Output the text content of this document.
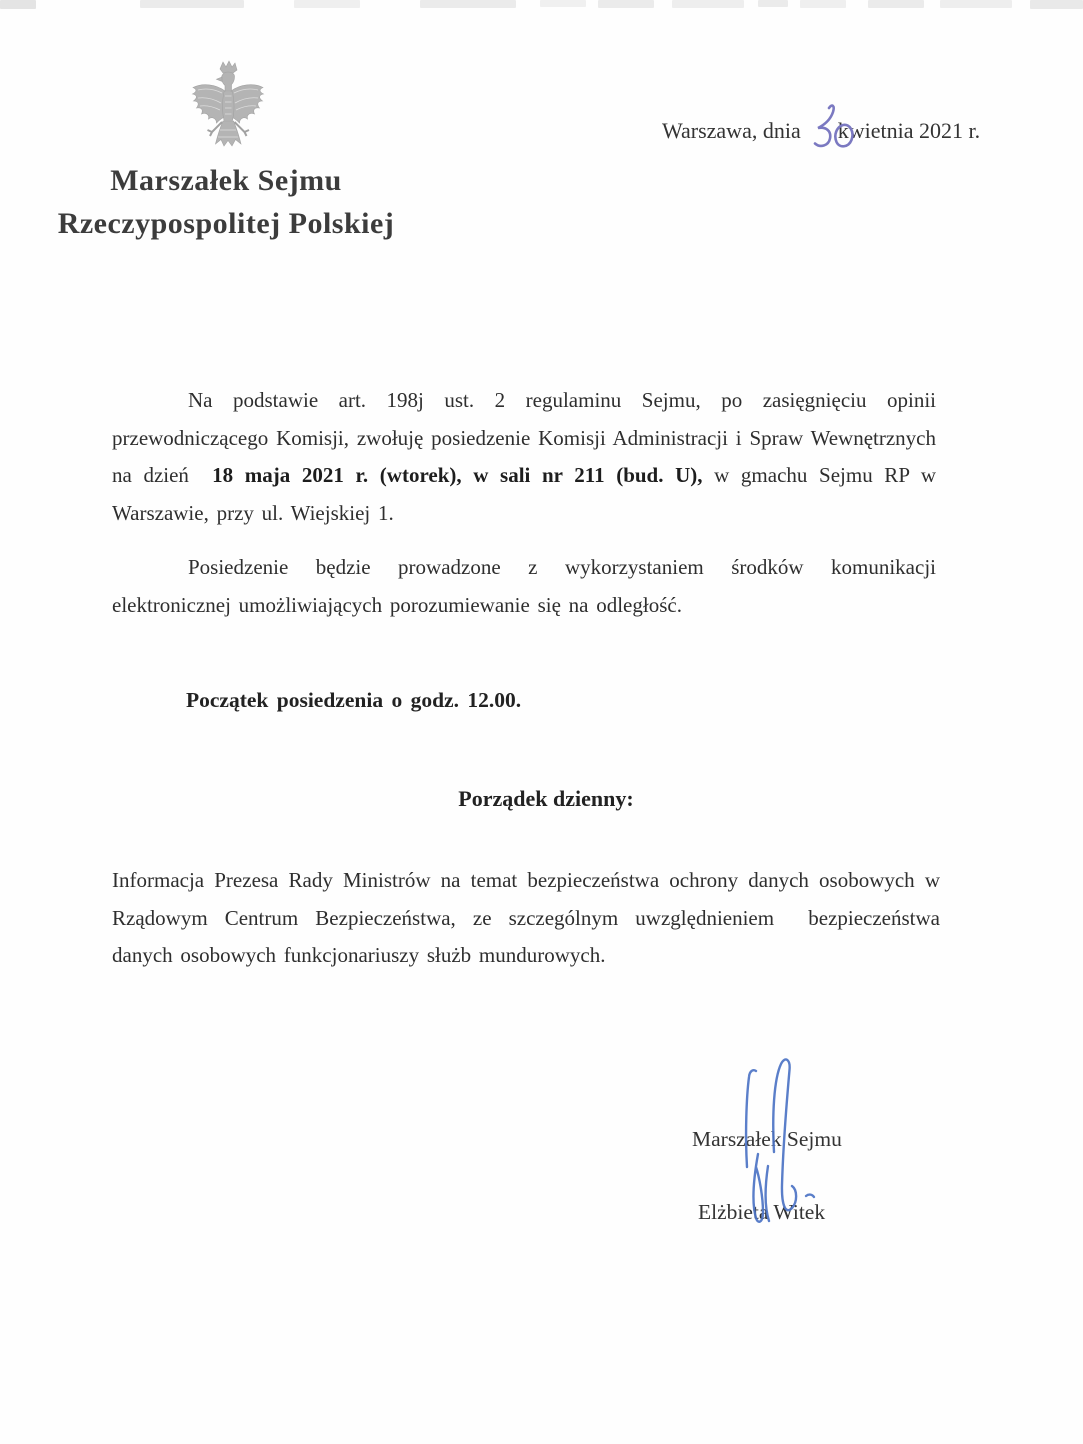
Marszałek Sejmu
Rzeczypospolitej Polskiej
Warszawa, dnia kwietnia 2021 r.

Na podstawie art. 198j ust. 2 regulaminu Sejmu, po zasięgnięciu opinii przewodniczącego Komisji, zwołuję posiedzenie Komisji Administracji i Spraw Wewnętrznych na dzień  18 maja 2021 r. (wtorek), w sali nr 211 (bud. U), w gmachu Sejmu RP w Warszawie, przy ul. Wiejskiej 1.

Posiedzenie będzie prowadzone z wykorzystaniem środków komunikacji elektronicznej umożliwiających porozumiewanie się na odległość.

Początek posiedzenia o godz. 12.00.
Porządek dzienny:

Informacja Prezesa Rady Ministrów na temat bezpieczeństwa ochrony danych osobowych w Rządowym Centrum Bezpieczeństwa, ze szczególnym uwzględnieniem  bezpieczeństwa danych osobowych funkcjonariuszy służb mundurowych.

Marszałek Sejmu
Elżbieta Witek
